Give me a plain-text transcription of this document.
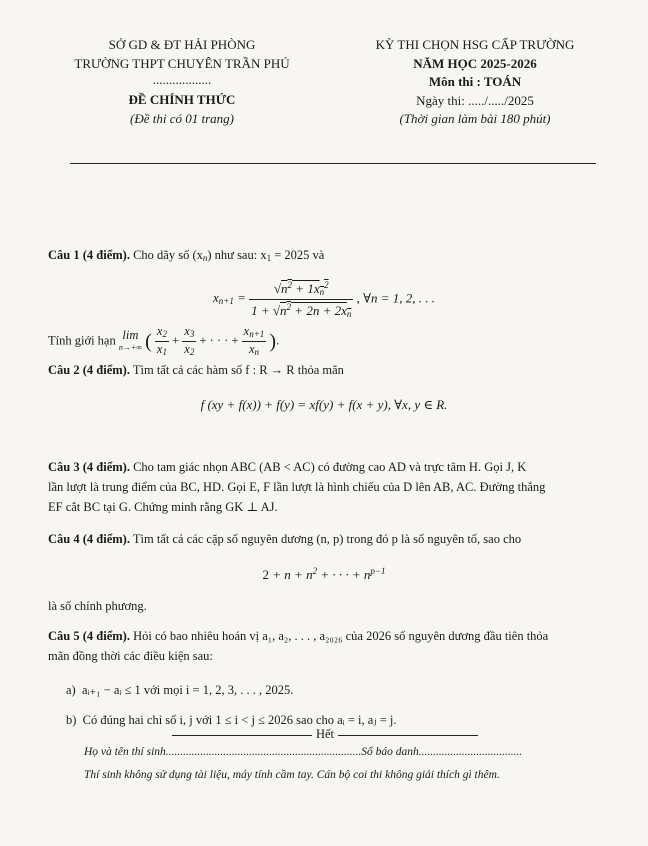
SỞ GD & ĐT HẢI PHÒNG
TRƯỜNG THPT CHUYÊN TRẦN PHÚ
..................
ĐỀ CHÍNH THỨC
(Đề thi có 01 trang)
KỲ THI CHỌN HSG CẤP TRƯỜNG
NĂM HỌC 2025-2026
Môn thi : TOÁN
Ngày thi: ...../...../2025
(Thời gian làm bài 180 phút)
Câu 1 (4 điểm). Cho dãy số $(x_n)$ như sau: $x_1 = 2025$ và
$x_{n+1} = \frac{√n^2 + 1x_n^2}{1 + √n^2 + 2n + 2x_n}$ , ∀n = 1, 2, . . .
Tính giới hạn lim
n→+∞ ( $\frac{x_2}{x_1} + \frac{x_3}{x_2}$ + · · · + $\frac{x_{n+1}}{x_n}$ ).
Câu 2 (4 điểm). Tìm tất cả các hàm số f : R → R thỏa mãn
f (xy + f(x)) + f(y) = xf(y) + f(x + y), ∀x, y ∈ R.
Câu 3 (4 điểm). Cho tam giác nhọn ABC (AB < AC) có đường cao AD và trực tâm H. Gọi J, K
lần lượt là trung điểm của BC, HD. Gọi E, F lần lượt là hình chiếu của D lên AB, AC. Đường thẳng
EF cắt BC tại G. Chứng minh rằng GK ⊥ AJ.
Câu 4 (4 điểm). Tìm tất cả các cặp số nguyên dương (n, p) trong đó p là số nguyên tố, sao cho
$2 + n + n^2$ + · · · + $n^{p-1}$
là số chính phương.
Câu 5 (4 điểm). Hỏi có bao nhiêu hoán vị a₁, a₂, . . . , a₂₀₂₆ của 2026 số nguyên dương đầu tiên thỏa
mãn đồng thời các điều kiện sau:
a) aᵢ₊₁ − aᵢ ≤ 1 với mọi i = 1, 2, 3, . . . , 2025.
b) Có đúng hai chỉ số i, j với 1 ≤ i < j ≤ 2026 sao cho aᵢ = i, aⱼ = j.
Hết
Họ và tên thí sinh....................................................................Số báo danh....................................
Thí sinh không sử dụng tài liệu, máy tính cầm tay. Cán bộ coi thi không giải thích gì thêm.
